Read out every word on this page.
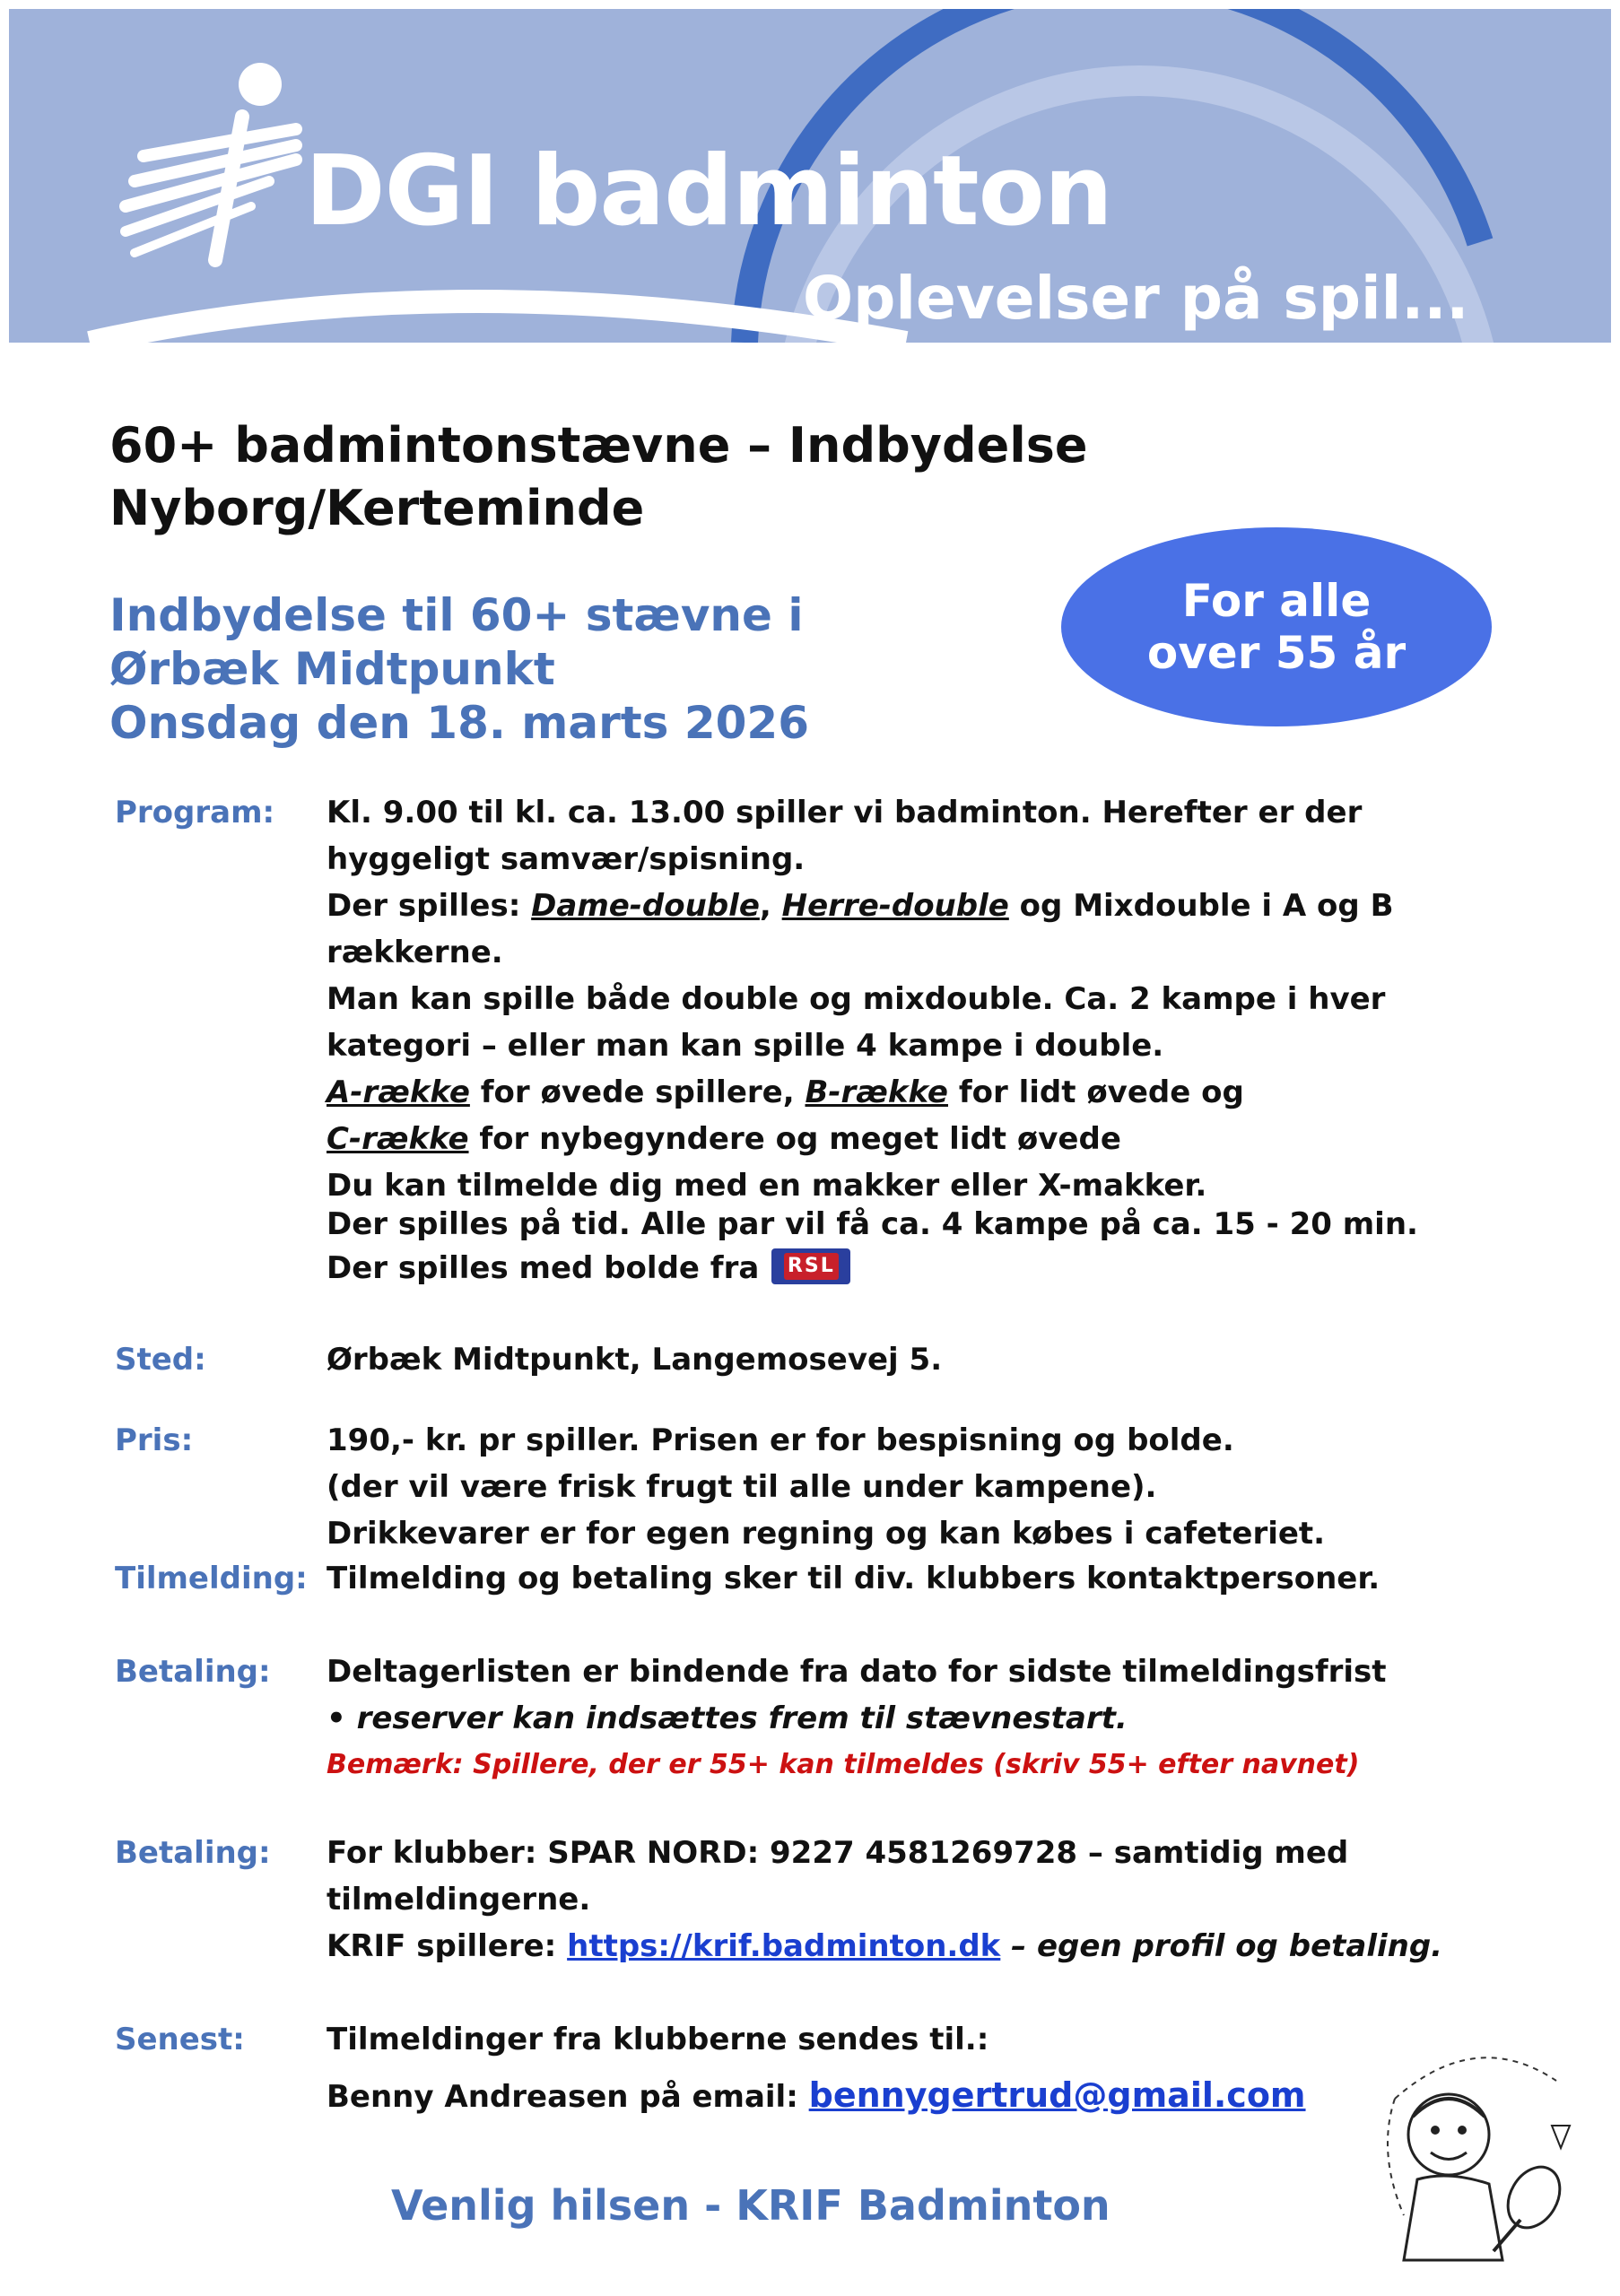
DGI badminton
Oplevelser på spil...
60+ badmintonstævne – Indbydelse
Nyborg/Kerteminde
Indbydelse til 60+ stævne i
Ørbæk Midtpunkt
Onsdag den 18. marts 2026
For alle
over 55 år
Program: Kl. 9.00 til kl. ca. 13.00 spiller vi badminton. Herefter er der
hyggeligt samvær/spisning.
Der spilles: Dame-double, Herre-double og Mixdouble i A og B
rækkerne.
Man kan spille både double og mixdouble. Ca. 2 kampe i hver
kategori – eller man kan spille 4 kampe i double.
A-række for øvede spillere, B-række for lidt øvede og
C-række for nybegyndere og meget lidt øvede
Du kan tilmelde dig med en makker eller X-makker.
Der spilles på tid. Alle par vil få ca. 4 kampe på ca. 15 - 20 min.
Der spilles med bolde fra RSL
Sted:	Ørbæk Midtpunkt, Langemosevej 5.
Pris:	190,- kr. pr spiller. Prisen er for bespisning og bolde.
(der vil være frisk frugt til alle under kampene).
Drikkevarer er for egen regning og kan købes i cafeteriet.
Tilmelding: Tilmelding og betaling sker til div. klubbers kontaktpersoner.
Betaling: Deltagerlisten er bindende fra dato for sidste tilmeldingsfrist
• reserver kan indsættes frem til stævnestart.
Bemærk: Spillere, der er 55+ kan tilmeldes (skriv 55+ efter navnet)
Betaling: For klubber: SPAR NORD: 9227 4581269728 – samtidig med
tilmeldingerne.
KRIF spillere: https://krif.badminton.dk – egen profil og betaling.
Senest:	Tilmeldinger fra klubberne sendes til.:
Benny Andreasen på email: bennygertrud@gmail.com
Venlig hilsen - KRIF Badminton
